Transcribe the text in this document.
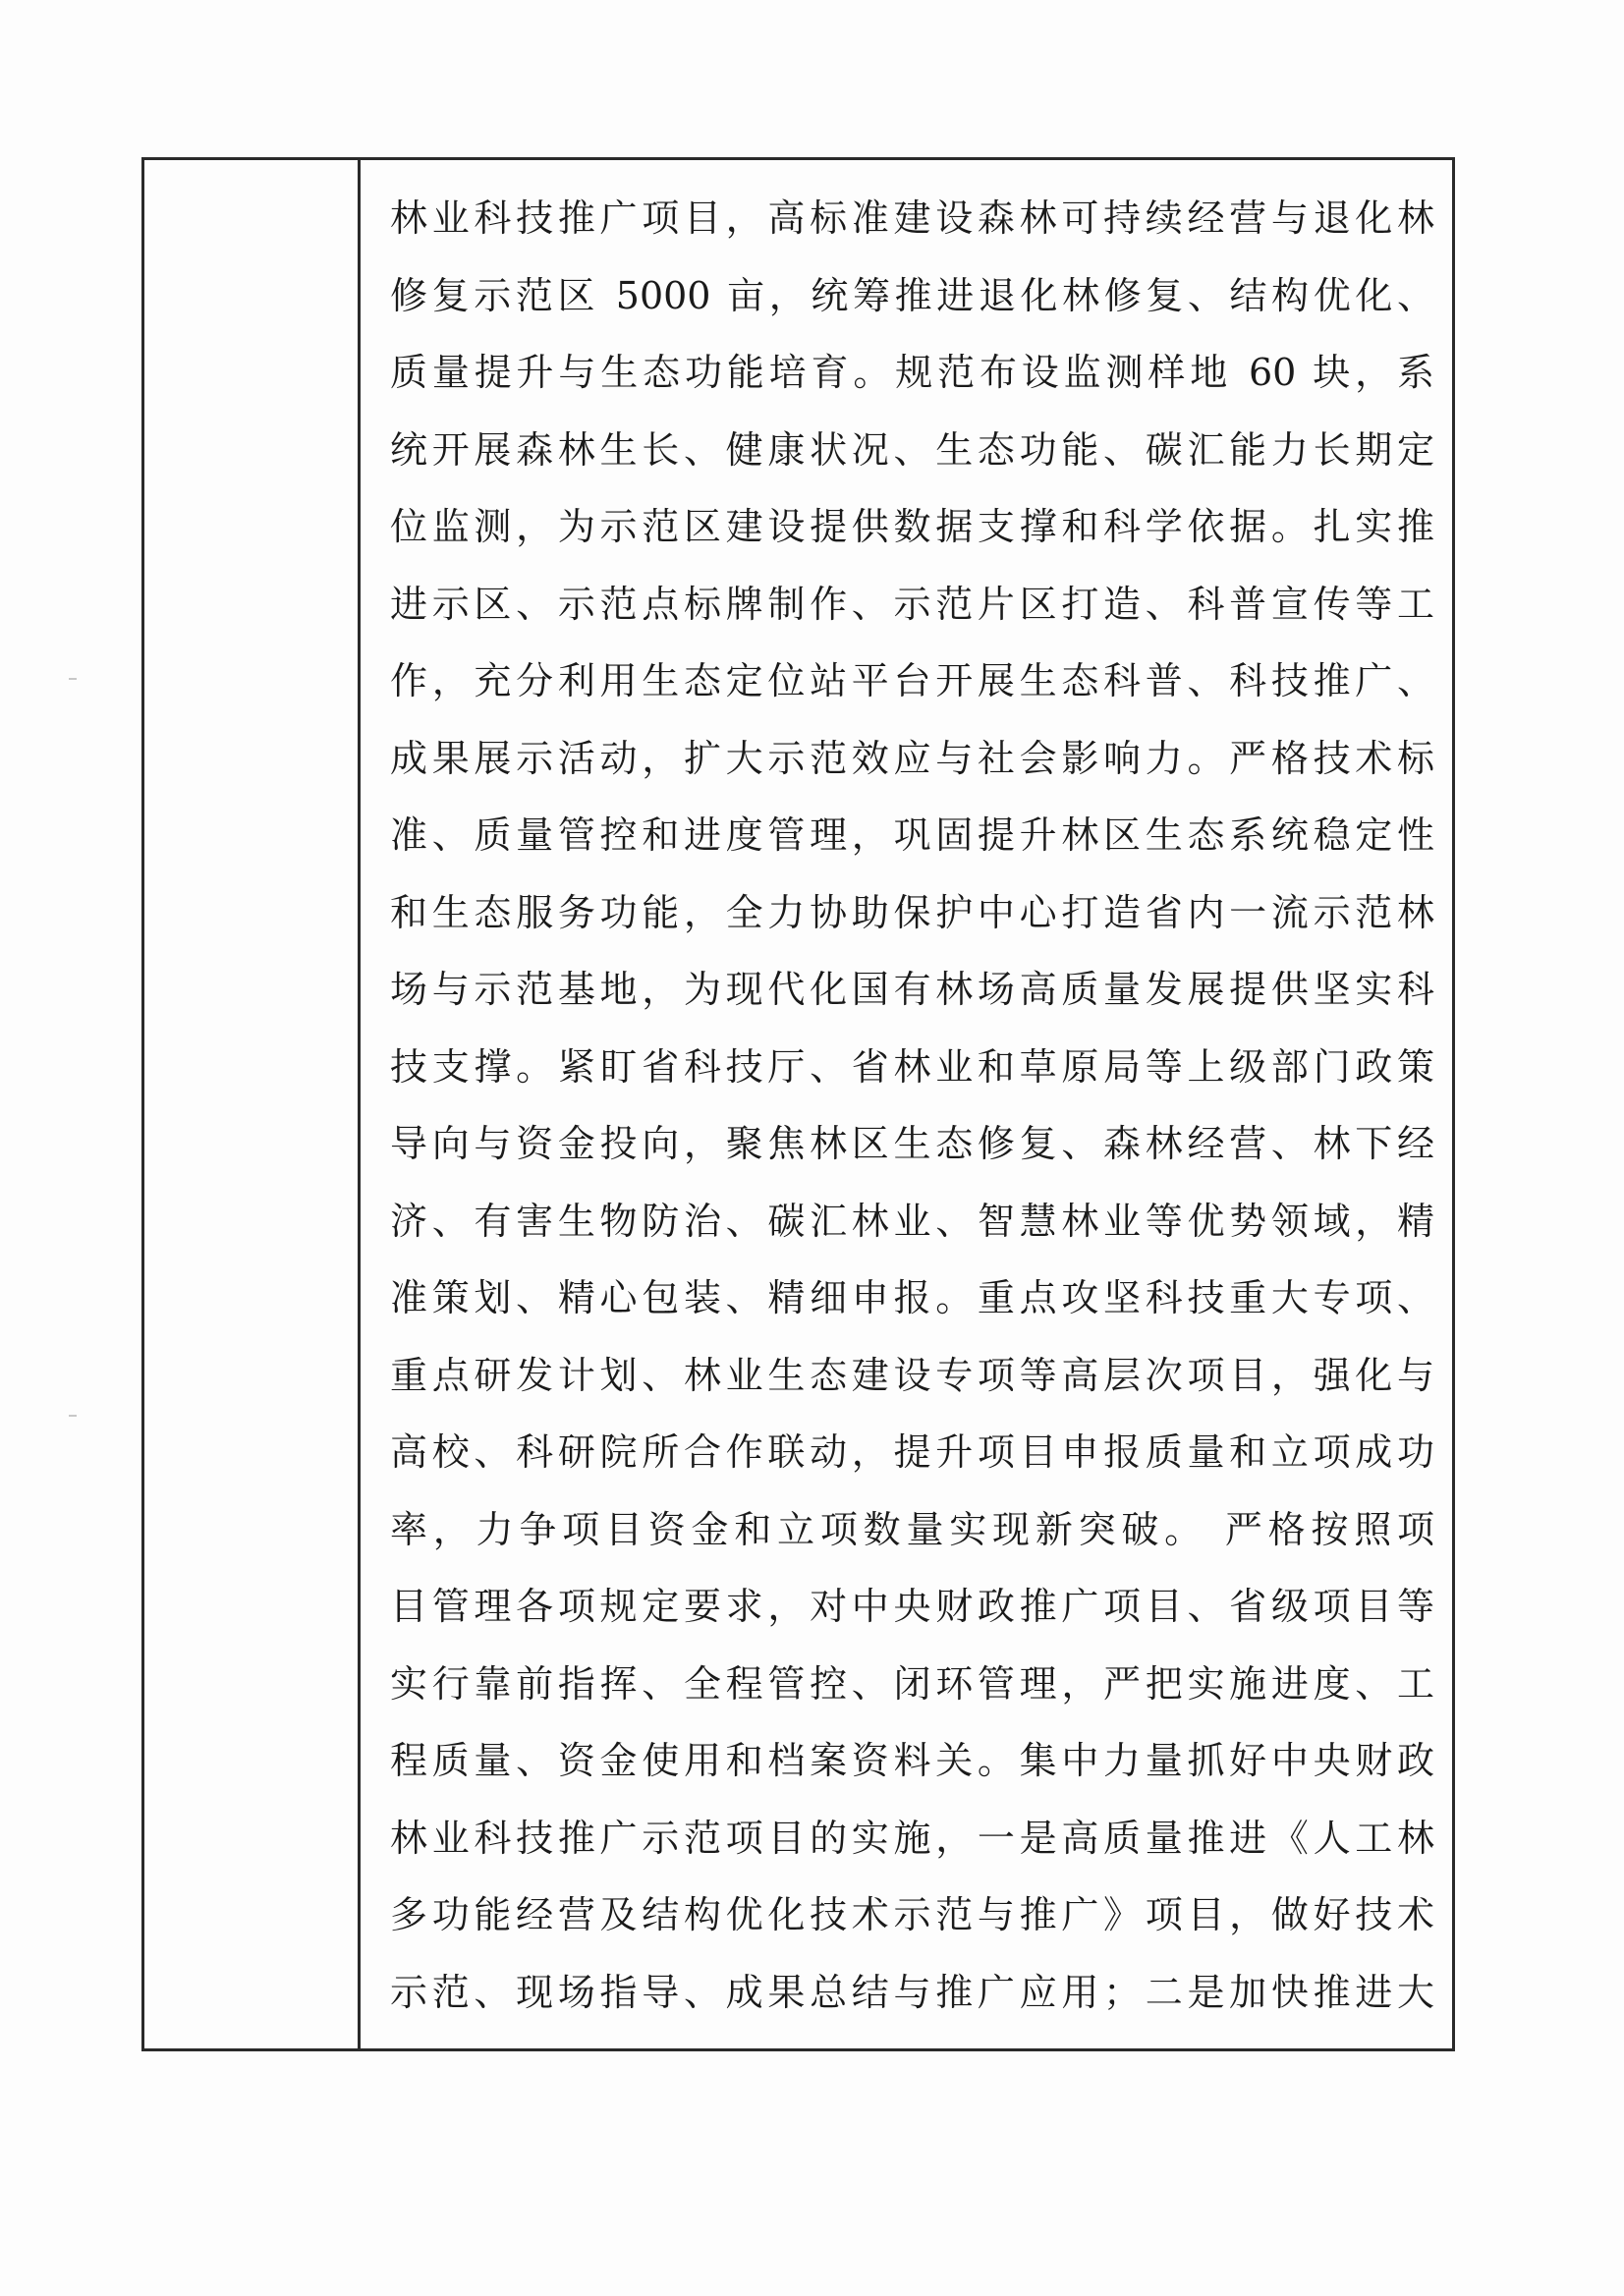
林业科技推广项目，高标准建设森林可持续经营与退化林
修复示范区 5000 亩，统筹推进退化林修复、结构优化、
质量提升与生态功能培育。规范布设监测样地 60 块，系
统开展森林生长、健康状况、生态功能、碳汇能力长期定
位监测，为示范区建设提供数据支撑和科学依据。扎实推
进示区、示范点标牌制作、示范片区打造、科普宣传等工
作，充分利用生态定位站平台开展生态科普、科技推广、
成果展示活动，扩大示范效应与社会影响力。严格技术标
准、质量管控和进度管理，巩固提升林区生态系统稳定性
和生态服务功能，全力协助保护中心打造省内一流示范林
场与示范基地，为现代化国有林场高质量发展提供坚实科
技支撑。紧盯省科技厅、省林业和草原局等上级部门政策
导向与资金投向，聚焦林区生态修复、森林经营、林下经
济、有害生物防治、碳汇林业、智慧林业等优势领域，精
准策划、精心包装、精细申报。重点攻坚科技重大专项、
重点研发计划、林业生态建设专项等高层次项目，强化与
高校、科研院所合作联动，提升项目申报质量和立项成功
率，力争项目资金和立项数量实现新突破。 严格按照项
目管理各项规定要求，对中央财政推广项目、省级项目等
实行靠前指挥、全程管控、闭环管理，严把实施进度、工
程质量、资金使用和档案资料关。集中力量抓好中央财政
林业科技推广示范项目的实施，一是高质量推进《人工林
多功能经营及结构优化技术示范与推广》项目，做好技术
示范、现场指导、成果总结与推广应用；二是加快推进大
